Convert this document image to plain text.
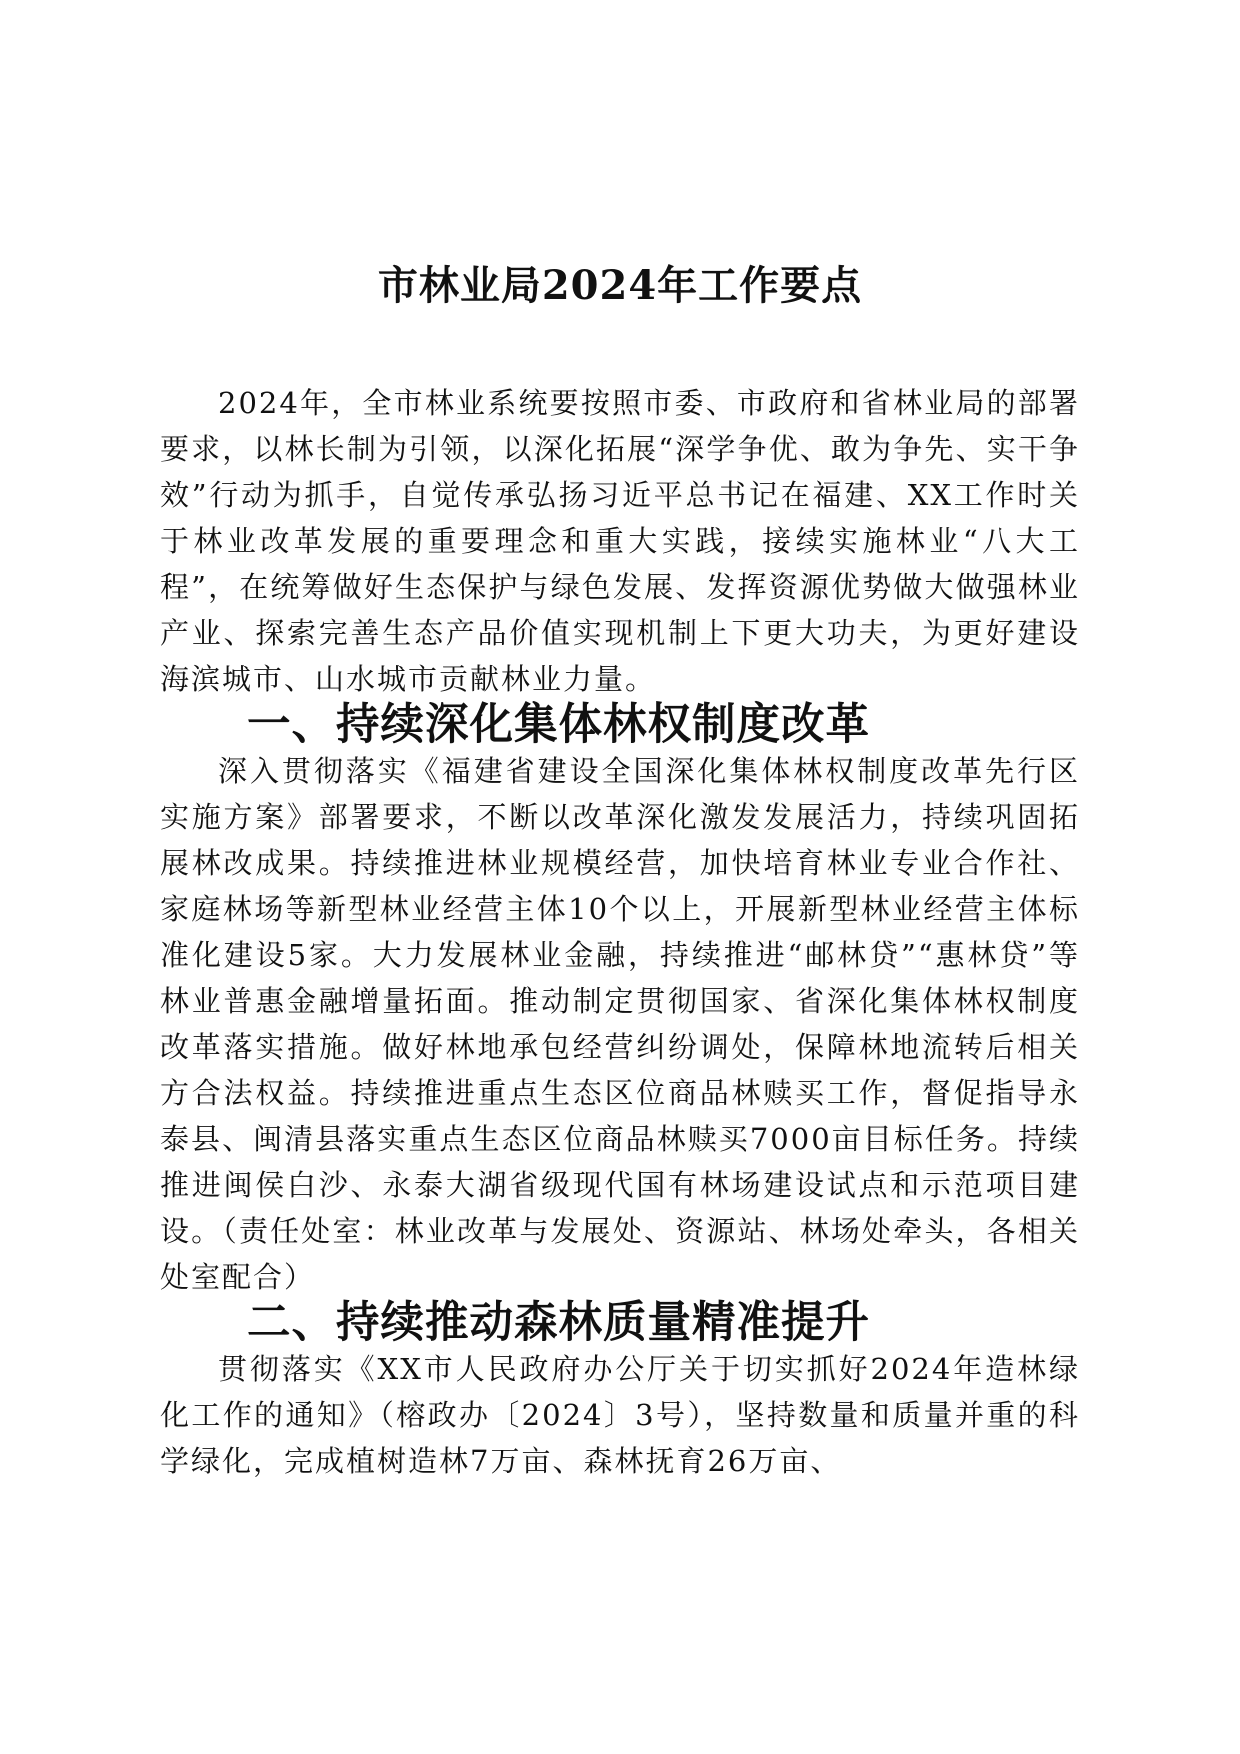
市林业局2024年工作要点

2024年，全市林业系统要按照市委、市政府和省林业局的部署要求，以林长制为引领，以深化拓展“深学争优、敢为争先、实干争效”行动为抓手，自觉传承弘扬习近平总书记在福建、XX工作时关于林业改革发展的重要理念和重大实践，接续实施林业“八大工程”，在统筹做好生态保护与绿色发展、发挥资源优势做大做强林业产业、探索完善生态产品价值实现机制上下更大功夫，为更好建设海滨城市、山水城市贡献林业力量。

一、持续深化集体林权制度改革

深入贯彻落实《福建省建设全国深化集体林权制度改革先行区实施方案》部署要求，不断以改革深化激发发展活力，持续巩固拓展林改成果。持续推进林业规模经营，加快培育林业专业合作社、家庭林场等新型林业经营主体10个以上，开展新型林业经营主体标准化建设5家。大力发展林业金融，持续推进“邮林贷”“惠林贷”等林业普惠金融增量拓面。推动制定贯彻国家、省深化集体林权制度改革落实措施。做好林地承包经营纠纷调处，保障林地流转后相关方合法权益。持续推进重点生态区位商品林赎买工作，督促指导永泰县、闽清县落实重点生态区位商品林赎买7000亩目标任务。持续推进闽侯白沙、永泰大湖省级现代国有林场建设试点和示范项目建设。（责任处室：林业改革与发展处、资源站、林场处牵头，各相关处室配合）

二、持续推动森林质量精准提升

贯彻落实《XX市人民政府办公厅关于切实抓好2024年造林绿化工作的通知》（榕政办〔2024〕3号），坚持数量和质量并重的科学绿化，完成植树造林7万亩、森林抚育26万亩、
